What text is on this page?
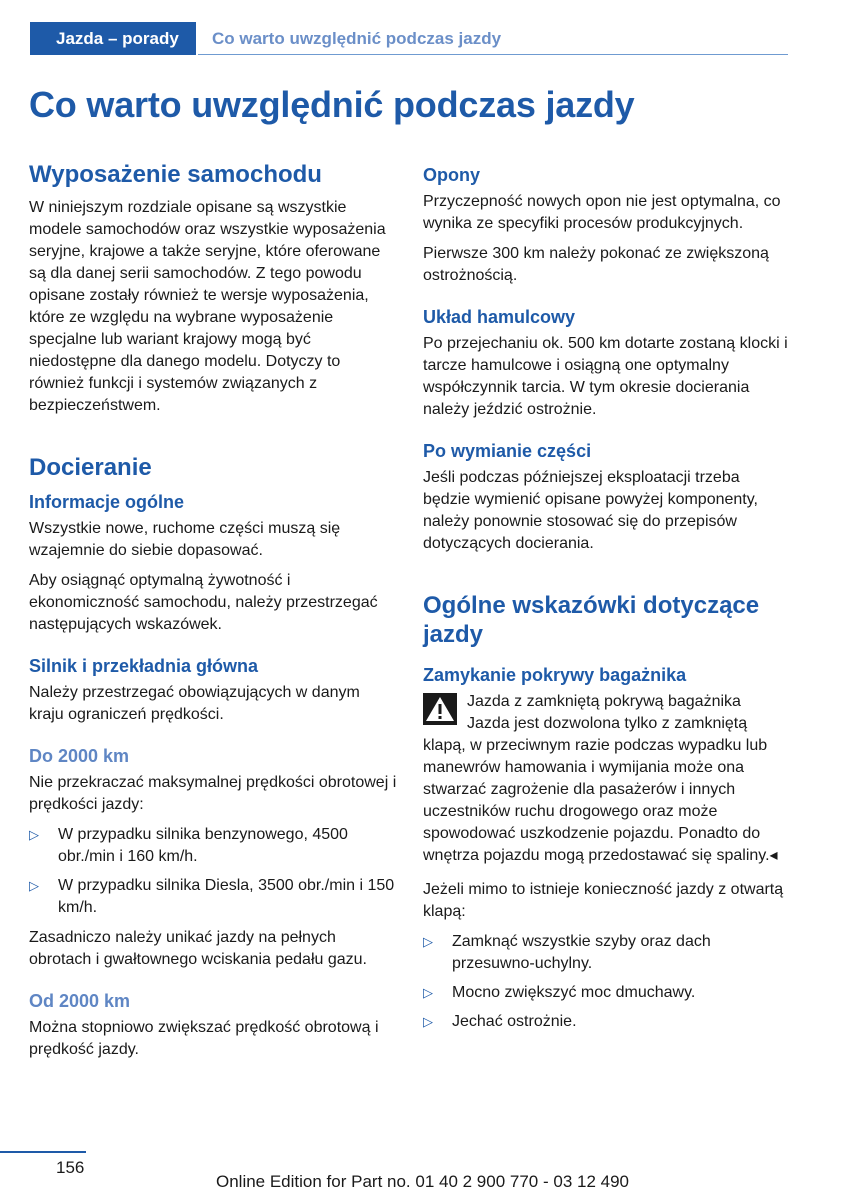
Jazda – porady	Co warto uwzględnić podczas jazdy
Co warto uwzględnić podczas jazdy
Wyposażenie samochodu

W niniejszym rozdziale opisane są wszystkie modele samochodów oraz wszystkie wyposażenia seryjne, krajowe a także seryjne, które oferowane są dla danej serii samochodów. Z tego powodu opisane zostały również te wersje wyposażenia, które ze względu na wybrane wyposażenie specjalne lub wariant krajowy mogą być niedostępne dla danego modelu. Dotyczy to również funkcji i systemów związanych z bezpieczeństwem.

Docieranie
Informacje ogólne

Wszystkie nowe, ruchome części muszą się wzajemnie do siebie dopasować.

Aby osiągnąć optymalną żywotność i ekonomiczność samochodu, należy przestrzegać następujących wskazówek.

Silnik i przekładnia główna

Należy przestrzegać obowiązujących w danym kraju ograniczeń prędkości.

Do 2000 km

Nie przekraczać maksymalnej prędkości obrotowej i prędkości jazdy:

▷ W przypadku silnika benzynowego, 4500 obr./min i 160 km/h.
▷ W przypadku silnika Diesla, 3500 obr./min i 150 km/h.

Zasadniczo należy unikać jazdy na pełnych obrotach i gwałtownego wciskania pedału gazu.

Od 2000 km

Można stopniowo zwiększać prędkość obrotową i prędkość jazdy.

Opony

Przyczepność nowych opon nie jest optymalna, co wynika ze specyfiki procesów produkcyjnych.

Pierwsze 300 km należy pokonać ze zwiększoną ostrożnością.

Układ hamulcowy

Po przejechaniu ok. 500 km dotarte zostaną klocki i tarcze hamulcowe i osiągną one optymalny współczynnik tarcia. W tym okresie docierania należy jeździć ostrożnie.

Po wymianie części

Jeśli podczas późniejszej eksploatacji trzeba będzie wymienić opisane powyżej komponenty, należy ponownie stosować się do przepisów dotyczących docierania.

Ogólne wskazówki dotyczące jazdy
Zamykanie pokrywy bagażnika

Jazda z zamkniętą pokrywą bagażnika

Jazda jest dozwolona tylko z zamkniętą klapą, w przeciwnym razie podczas wypadku lub manewrów hamowania i wymijania może ona stwarzać zagrożenie dla pasażerów i innych uczestników ruchu drogowego oraz może spowodować uszkodzenie pojazdu. Ponadto do wnętrza pojazdu mogą przedostawać się spaliny.◂

Jeżeli mimo to istnieje konieczność jazdy z otwartą klapą:

▷ Zamknąć wszystkie szyby oraz dach przesuwno-uchylny.
▷ Mocno zwiększyć moc dmuchawy.
▷ Jechać ostrożnie.
156
Online Edition for Part no. 01 40 2 900 770 - 03 12 490
